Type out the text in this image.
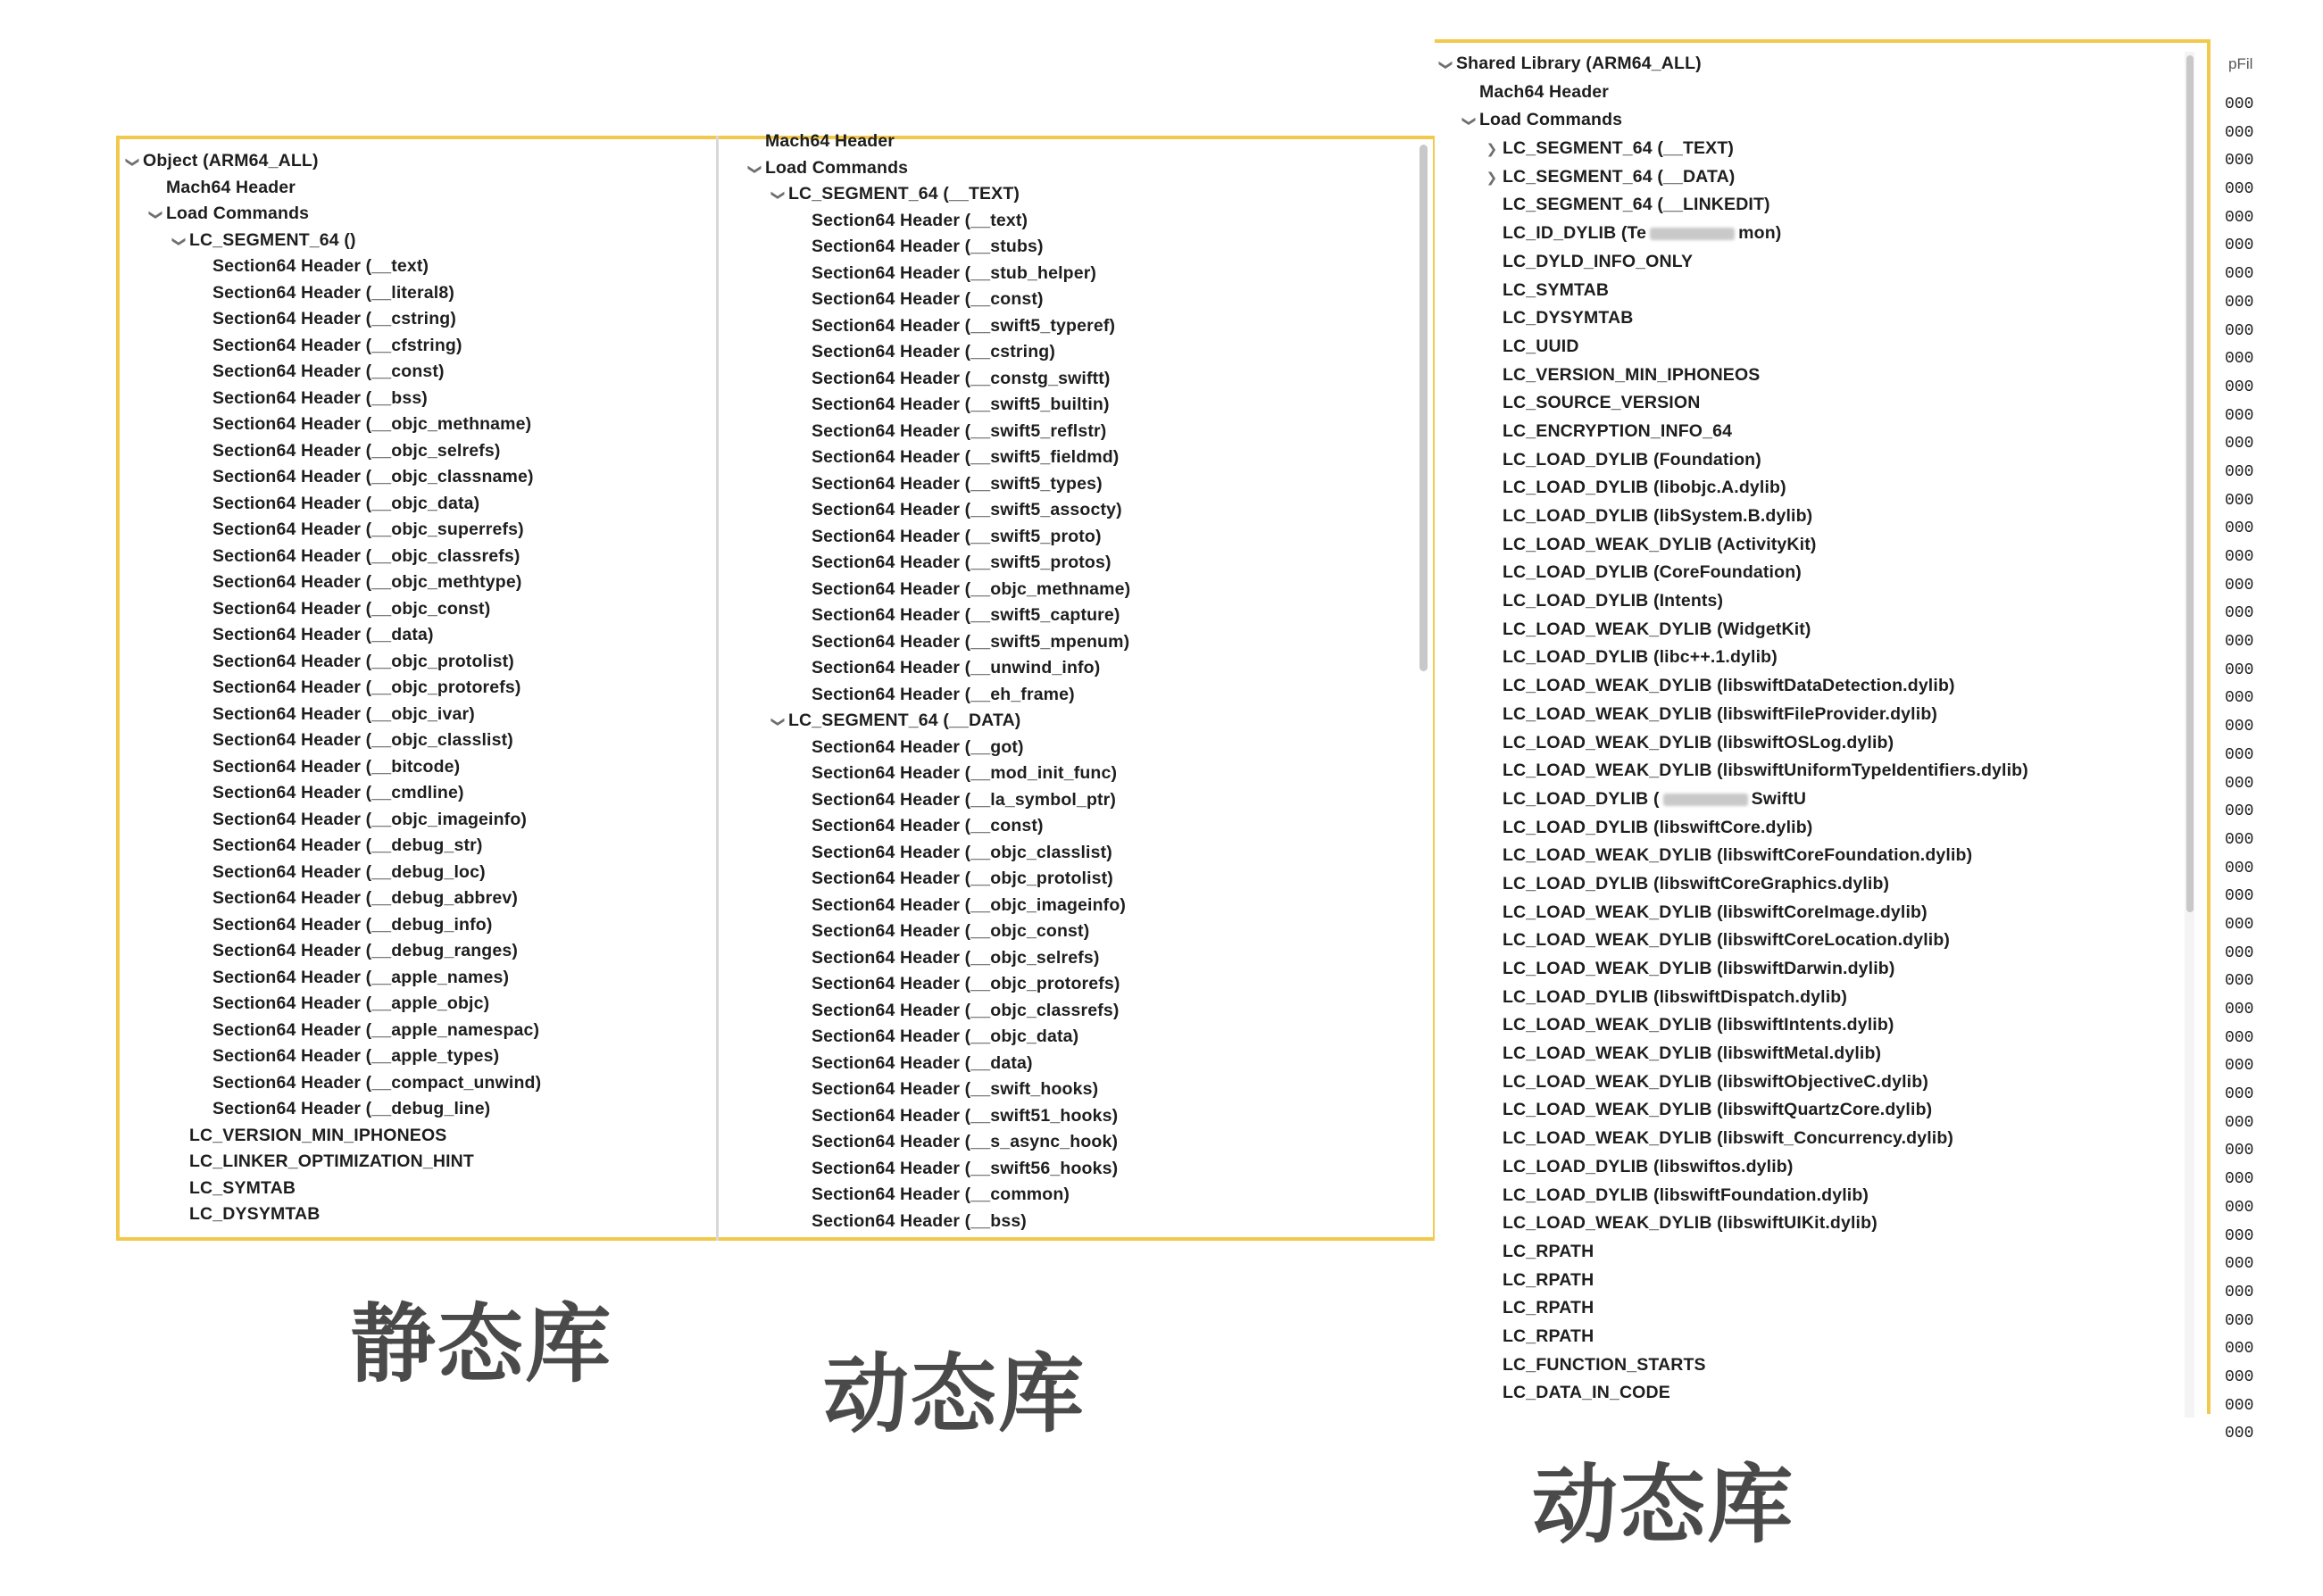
❯ Object (ARM64_ALL)
Mach64 Header
❯ Load Commands
❯ LC_SEGMENT_64 ()
Section64 Header (__text)
Section64 Header (__literal8)
Section64 Header (__cstring)
Section64 Header (__cfstring)
Section64 Header (__const)
Section64 Header (__bss)
Section64 Header (__objc_methname)
Section64 Header (__objc_selrefs)
Section64 Header (__objc_classname)
Section64 Header (__objc_data)
Section64 Header (__objc_superrefs)
Section64 Header (__objc_classrefs)
Section64 Header (__objc_methtype)
Section64 Header (__objc_const)
Section64 Header (__data)
Section64 Header (__objc_protolist)
Section64 Header (__objc_protorefs)
Section64 Header (__objc_ivar)
Section64 Header (__objc_classlist)
Section64 Header (__bitcode)
Section64 Header (__cmdline)
Section64 Header (__objc_imageinfo)
Section64 Header (__debug_str)
Section64 Header (__debug_loc)
Section64 Header (__debug_abbrev)
Section64 Header (__debug_info)
Section64 Header (__debug_ranges)
Section64 Header (__apple_names)
Section64 Header (__apple_objc)
Section64 Header (__apple_namespac)
Section64 Header (__apple_types)
Section64 Header (__compact_unwind)
Section64 Header (__debug_line)
LC_VERSION_MIN_IPHONEOS
LC_LINKER_OPTIMIZATION_HINT
LC_SYMTAB
LC_DYSYMTAB
Mach64 Header
❯ Load Commands
❯ LC_SEGMENT_64 (__TEXT)
Section64 Header (__text)
Section64 Header (__stubs)
Section64 Header (__stub_helper)
Section64 Header (__const)
Section64 Header (__swift5_typeref)
Section64 Header (__cstring)
Section64 Header (__constg_swiftt)
Section64 Header (__swift5_builtin)
Section64 Header (__swift5_reflstr)
Section64 Header (__swift5_fieldmd)
Section64 Header (__swift5_types)
Section64 Header (__swift5_assocty)
Section64 Header (__swift5_proto)
Section64 Header (__swift5_protos)
Section64 Header (__objc_methname)
Section64 Header (__swift5_capture)
Section64 Header (__swift5_mpenum)
Section64 Header (__unwind_info)
Section64 Header (__eh_frame)
❯ LC_SEGMENT_64 (__DATA)
Section64 Header (__got)
Section64 Header (__mod_init_func)
Section64 Header (__la_symbol_ptr)
Section64 Header (__const)
Section64 Header (__objc_classlist)
Section64 Header (__objc_protolist)
Section64 Header (__objc_imageinfo)
Section64 Header (__objc_const)
Section64 Header (__objc_selrefs)
Section64 Header (__objc_protorefs)
Section64 Header (__objc_classrefs)
Section64 Header (__objc_data)
Section64 Header (__data)
Section64 Header (__swift_hooks)
Section64 Header (__swift51_hooks)
Section64 Header (__s_async_hook)
Section64 Header (__swift56_hooks)
Section64 Header (__common)
Section64 Header (__bss)
❯ Shared Library (ARM64_ALL)
Mach64 Header
❯ Load Commands
❯ LC_SEGMENT_64 (__TEXT)
❯ LC_SEGMENT_64 (__DATA)
LC_SEGMENT_64 (__LINKEDIT)
LC_ID_DYLIB (Te	mon)
LC_DYLD_INFO_ONLY
LC_SYMTAB
LC_DYSYMTAB
LC_UUID
LC_VERSION_MIN_IPHONEOS
LC_SOURCE_VERSION
LC_ENCRYPTION_INFO_64
LC_LOAD_DYLIB (Foundation)
LC_LOAD_DYLIB (libobjc.A.dylib)
LC_LOAD_DYLIB (libSystem.B.dylib)
LC_LOAD_WEAK_DYLIB (ActivityKit)
LC_LOAD_DYLIB (CoreFoundation)
LC_LOAD_DYLIB (Intents)
LC_LOAD_WEAK_DYLIB (WidgetKit)
LC_LOAD_DYLIB (libc++.1.dylib)
LC_LOAD_WEAK_DYLIB (libswiftDataDetection.dylib)
LC_LOAD_WEAK_DYLIB (libswiftFileProvider.dylib)
LC_LOAD_WEAK_DYLIB (libswiftOSLog.dylib)
LC_LOAD_WEAK_DYLIB (libswiftUniformTypeIdentifiers.dylib)
LC_LOAD_DYLIB (	SwiftU
LC_LOAD_DYLIB (libswiftCore.dylib)
LC_LOAD_WEAK_DYLIB (libswiftCoreFoundation.dylib)
LC_LOAD_DYLIB (libswiftCoreGraphics.dylib)
LC_LOAD_WEAK_DYLIB (libswiftCoreImage.dylib)
LC_LOAD_WEAK_DYLIB (libswiftCoreLocation.dylib)
LC_LOAD_WEAK_DYLIB (libswiftDarwin.dylib)
LC_LOAD_DYLIB (libswiftDispatch.dylib)
LC_LOAD_WEAK_DYLIB (libswiftIntents.dylib)
LC_LOAD_WEAK_DYLIB (libswiftMetal.dylib)
LC_LOAD_WEAK_DYLIB (libswiftObjectiveC.dylib)
LC_LOAD_WEAK_DYLIB (libswiftQuartzCore.dylib)
LC_LOAD_WEAK_DYLIB (libswift_Concurrency.dylib)
LC_LOAD_DYLIB (libswiftos.dylib)
LC_LOAD_DYLIB (libswiftFoundation.dylib)
LC_LOAD_WEAK_DYLIB (libswiftUIKit.dylib)
LC_RPATH
LC_RPATH
LC_RPATH
LC_RPATH
LC_FUNCTION_STARTS
LC_DATA_IN_CODE
pFil
000
000
000
000
000
000
000
000
000
000
000
000
000
000
000
000
000
000
000
000
000
000
000
000
000
000
000
000
000
000
000
000
000
000
000
000
000
000
000
000
000
000
000
000
000
000
000
000
静态库 动态库
动态库
